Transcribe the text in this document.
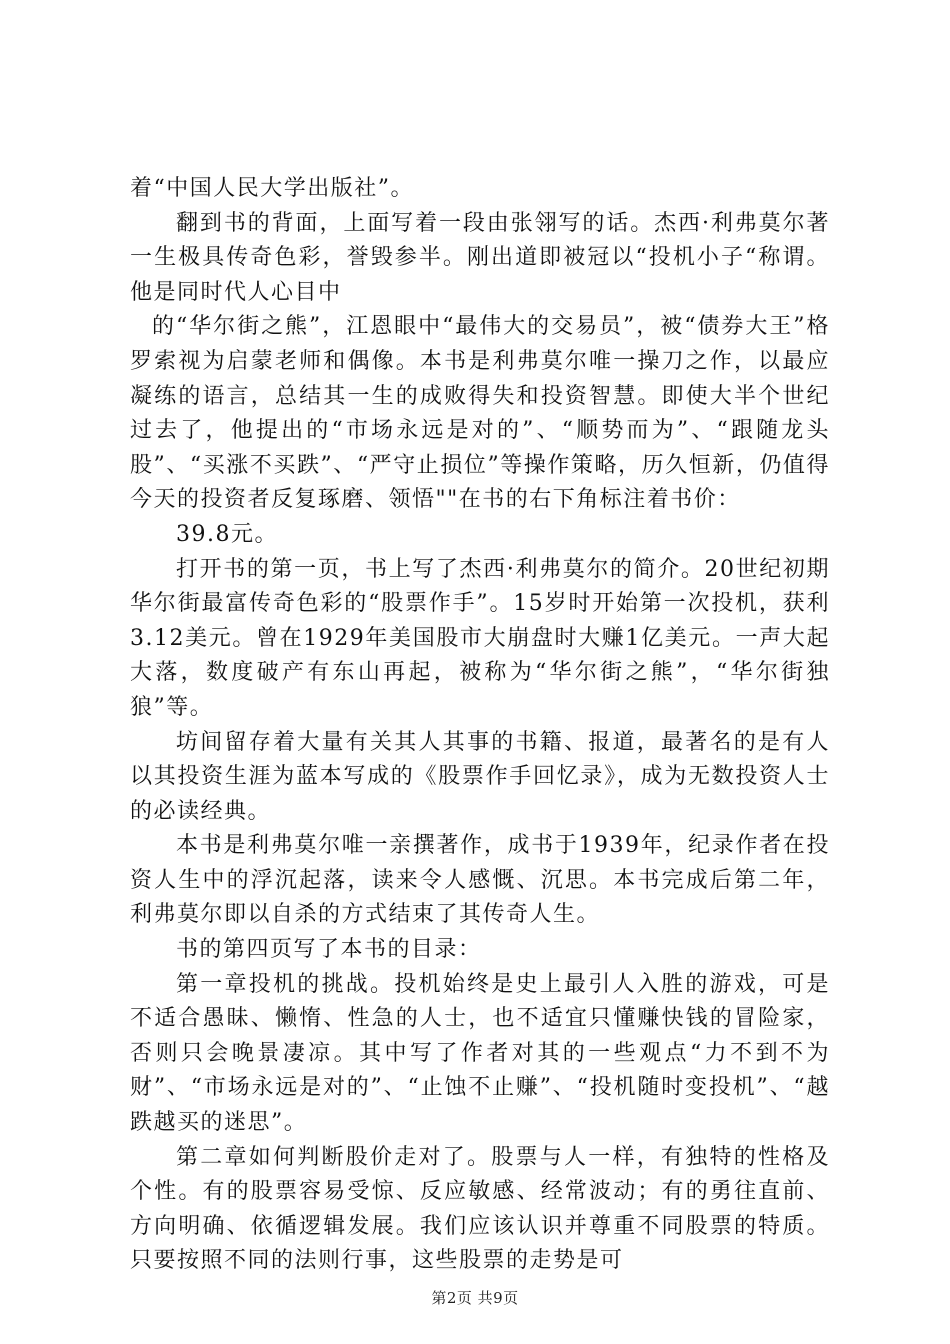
着“中国人民大学出版社”。

翻到书的背面，上面写着一段由张翎写的话。杰西·利弗莫尔著一生极具传奇色彩，誉毁参半。刚出道即被冠以“投机小子“称谓。他是同时代人心目中

的“华尔街之熊”，江恩眼中“最伟大的交易员”，被“债券大王”格罗索视为启蒙老师和偶像。本书是利弗莫尔唯一操刀之作，以最应凝练的语言，总结其一生的成败得失和投资智慧。即使大半个世纪过去了，他提出的“市场永远是对的”、“顺势而为”、“跟随龙头股”、“买涨不买跌”、“严守止损位”等操作策略，历久恒新，仍值得今天的投资者反复琢磨、领悟""在书的右下角标注着书价：

39.8元。

打开书的第一页，书上写了杰西·利弗莫尔的简介。20世纪初期华尔街最富传奇色彩的“股票作手”。15岁时开始第一次投机，获利3.12美元。曾在1929年美国股市大崩盘时大赚1亿美元。一声大起大落，数度破产有东山再起，被称为“华尔街之熊”，“华尔街独狼”等。

坊间留存着大量有关其人其事的书籍、报道，最著名的是有人以其投资生涯为蓝本写成的《股票作手回忆录》，成为无数投资人士的必读经典。

本书是利弗莫尔唯一亲撰著作，成书于1939年，纪录作者在投资人生中的浮沉起落，读来令人感慨、沉思。本书完成后第二年，利弗莫尔即以自杀的方式结束了其传奇人生。

书的第四页写了本书的目录：

第一章投机的挑战。投机始终是史上最引人入胜的游戏，可是不适合愚昧、懒惰、性急的人士，也不适宜只懂赚快钱的冒险家，否则只会晚景凄凉。其中写了作者对其的一些观点“力不到不为财”、“市场永远是对的”、“止蚀不止赚”、“投机随时变投机”、“越跌越买的迷思”。

第二章如何判断股价走对了。股票与人一样，有独特的性格及个性。有的股票容易受惊、反应敏感、经常波动；有的勇往直前、方向明确、依循逻辑发展。我们应该认识并尊重不同股票的特质。只要按照不同的法则行事，这些股票的走势是可

第2页 共9页
